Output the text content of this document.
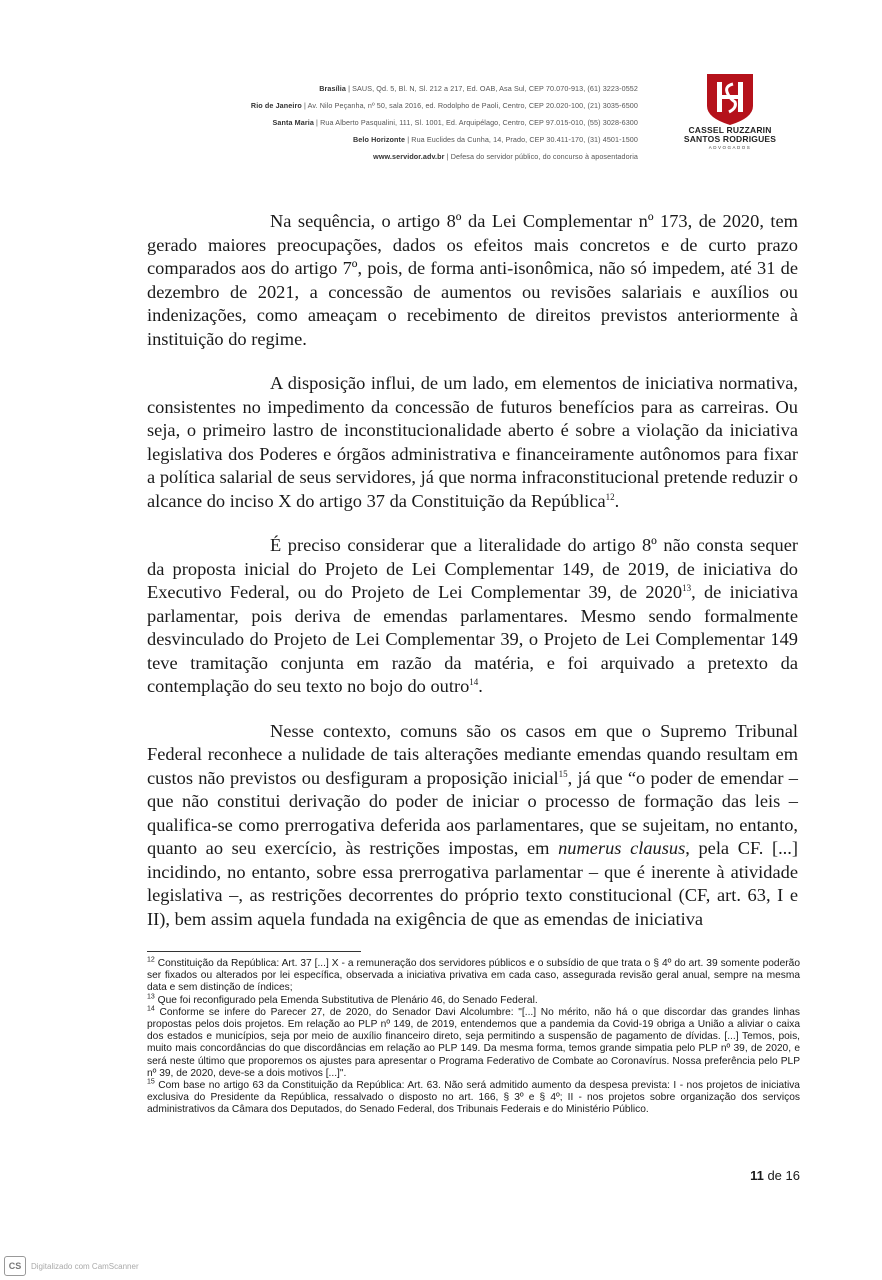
Brasília | SAUS, Qd. 5, Bl. N, Sl. 212 a 217, Ed. OAB, Asa Sul, CEP 70.070-913, (61) 3223-0552
Rio de Janeiro | Av. Nilo Peçanha, nº 50, sala 2016, ed. Rodolpho de Paoli, Centro, CEP 20.020-100, (21) 3035-6500
Santa Maria | Rua Alberto Pasqualini, 111, Sl. 1001, Ed. Arquipélago, Centro, CEP 97.015-010, (55) 3028-6300
Belo Horizonte | Rua Euclides da Cunha, 14, Prado, CEP 30.411-170, (31) 4501-1500
www.servidor.adv.br | Defesa do servidor público, do concurso à aposentadoria
CASSEL RUZZARIN
SANTOS RODRIGUES
ADVOGADOS

Na sequência, o artigo 8º da Lei Complementar nº 173, de 2020, tem gerado maiores preocupações, dados os efeitos mais concretos e de curto prazo comparados aos do artigo 7º, pois, de forma anti-isonômica, não só impedem, até 31 de dezembro de 2021, a concessão de aumentos ou revisões salariais e auxílios ou indenizações, como ameaçam o recebimento de direitos previstos anteriormente à instituição do regime.

A disposição influi, de um lado, em elementos de iniciativa normativa, consistentes no impedimento da concessão de futuros benefícios para as carreiras. Ou seja, o primeiro lastro de inconstitucionalidade aberto é sobre a violação da iniciativa legislativa dos Poderes e órgãos administrativa e financeiramente autônomos para fixar a política salarial de seus servidores, já que norma infraconstitucional pretende reduzir o alcance do inciso X do artigo 37 da Constituição da República$^{12}$.

É preciso considerar que a literalidade do artigo 8º não consta sequer da proposta inicial do Projeto de Lei Complementar 149, de 2019, de iniciativa do Executivo Federal, ou do Projeto de Lei Complementar 39, de 2020$^{13}$, de iniciativa parlamentar, pois deriva de emendas parlamentares. Mesmo sendo formalmente desvinculado do Projeto de Lei Complementar 39, o Projeto de Lei Complementar 149 teve tramitação conjunta em razão da matéria, e foi arquivado a pretexto da contemplação do seu texto no bojo do outro$^{14}$.

Nesse contexto, comuns são os casos em que o Supremo Tribunal Federal reconhece a nulidade de tais alterações mediante emendas quando resultam em custos não previstos ou desfiguram a proposição inicial$^{15}$, já que “o poder de emendar – que não constitui derivação do poder de iniciar o processo de formação das leis – qualifica-se como prerrogativa deferida aos parlamentares, que se sujeitam, no entanto, quanto ao seu exercício, às restrições impostas, em numerus clausus, pela CF. [...] incidindo, no entanto, sobre essa prerrogativa parlamentar – que é inerente à atividade legislativa –, as restrições decorrentes do próprio texto constitucional (CF, art. 63, I e II), bem assim aquela fundada na exigência de que as emendas de iniciativa

$^{12}$ Constituição da República: Art. 37 [...] X - a remuneração dos servidores públicos e o subsídio de que trata o § 4º do art. 39 somente poderão ser fixados ou alterados por lei específica, observada a iniciativa privativa em cada caso, assegurada revisão geral anual, sempre na mesma data e sem distinção de índices;

$^{13}$ Que foi reconfigurado pela Emenda Substitutiva de Plenário 46, do Senado Federal.

$^{14}$ Conforme se infere do Parecer 27, de 2020, do Senador Davi Alcolumbre: "[...] No mérito, não há o que discordar das grandes linhas propostas pelos dois projetos. Em relação ao PLP nº 149, de 2019, entendemos que a pandemia da Covid-19 obriga a União a aliviar o caixa dos estados e municípios, seja por meio de auxílio financeiro direto, seja permitindo a suspensão de pagamento de dívidas. [...] Temos, pois, muito mais concordâncias do que discordâncias em relação ao PLP 149. Da mesma forma, temos grande simpatia pelo PLP nº 39, de 2020, e será neste último que proporemos os ajustes para apresentar o Programa Federativo de Combate ao Coronavírus. Nossa preferência pelo PLP nº 39, de 2020, deve-se a dois motivos [...]".

$^{15}$ Com base no artigo 63 da Constituição da República: Art. 63. Não será admitido aumento da despesa prevista: I - nos projetos de iniciativa exclusiva do Presidente da República, ressalvado o disposto no art. 166, § 3º e § 4º; II - nos projetos sobre organização dos serviços administrativos da Câmara dos Deputados, do Senado Federal, dos Tribunais Federais e do Ministério Público.

11 de 16
CS	Digitalizado com CamScanner
